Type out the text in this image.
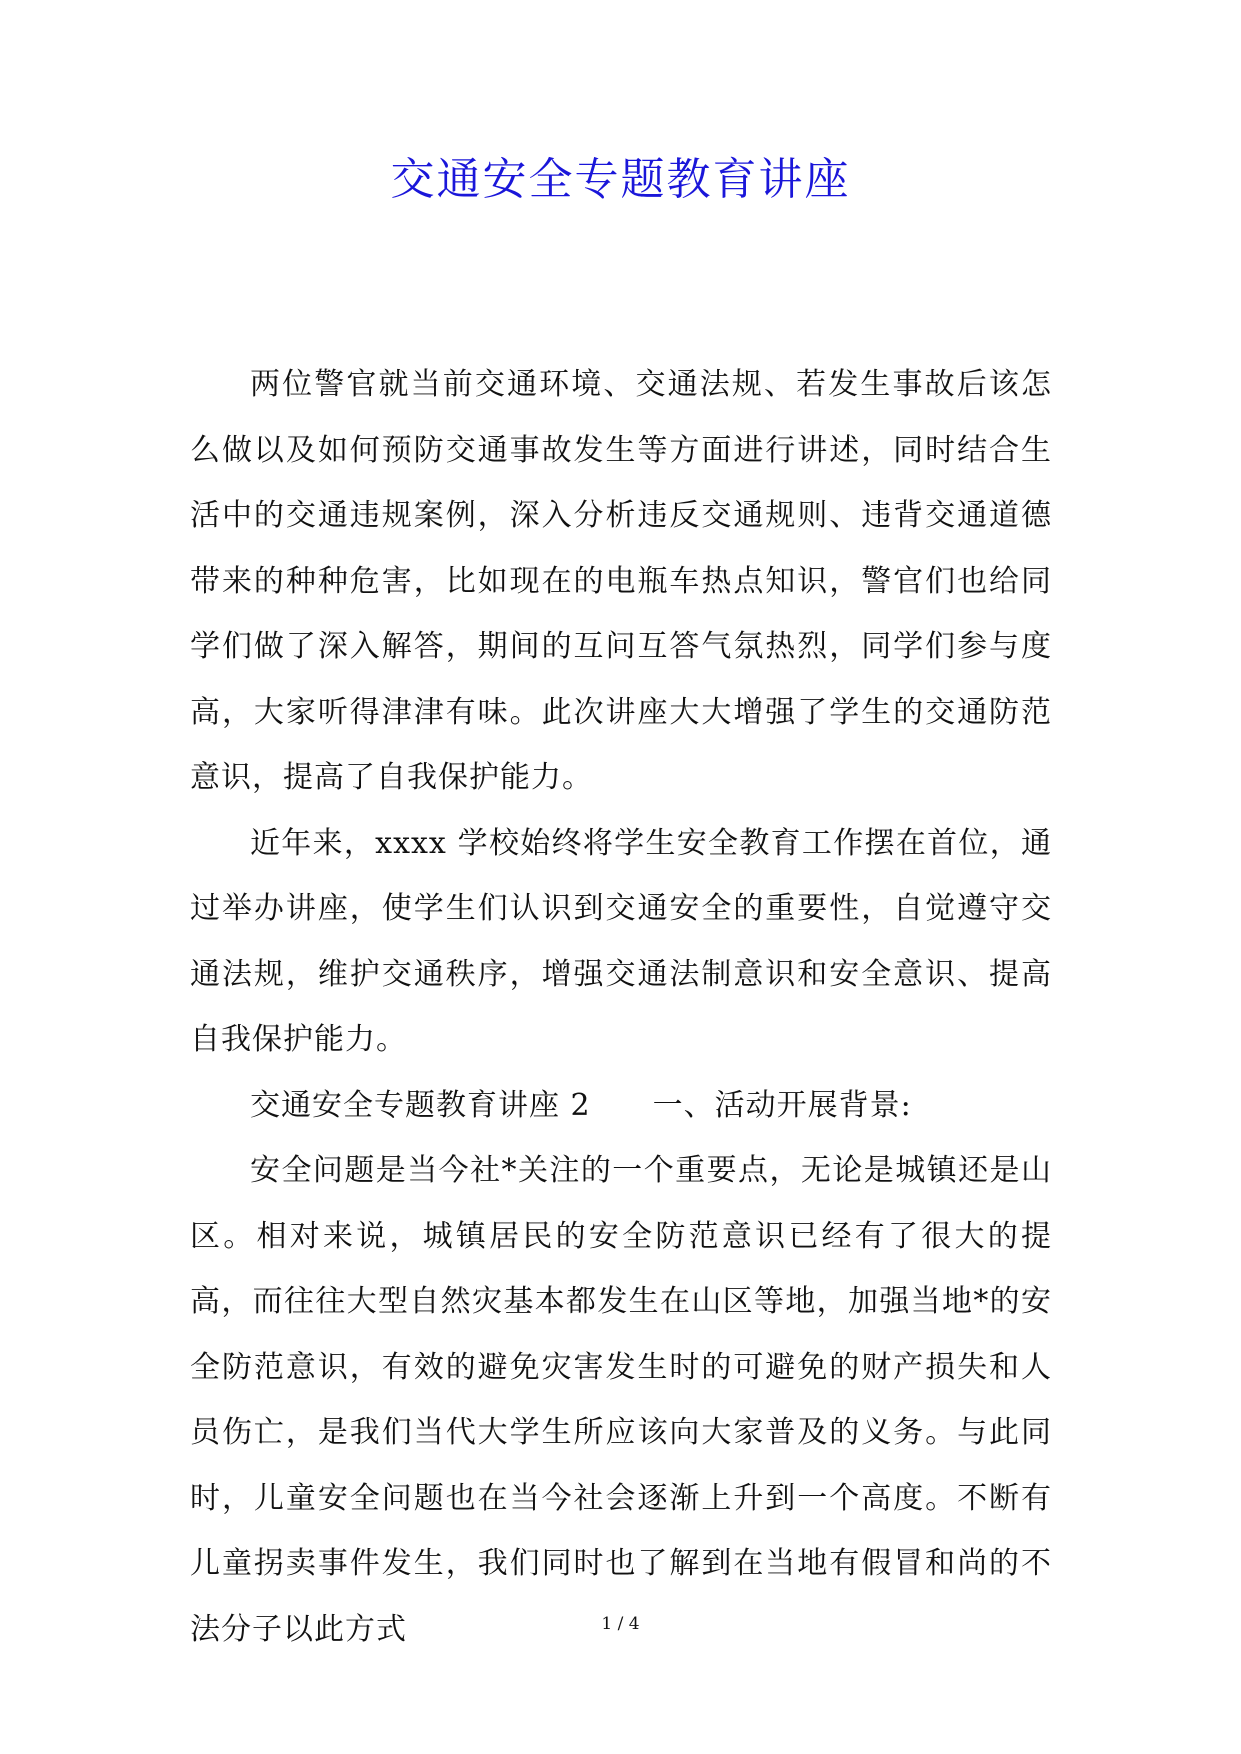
交通安全专题教育讲座

两位警官就当前交通环境、交通法规、若发生事故后该怎么做以及如何预防交通事故发生等方面进行讲述，同时结合生活中的交通违规案例，深入分析违反交通规则、违背交通道德带来的种种危害，比如现在的电瓶车热点知识，警官们也给同学们做了深入解答，期间的互问互答气氛热烈，同学们参与度高，大家听得津津有味。此次讲座大大增强了学生的交通防范意识，提高了自我保护能力。

近年来，xxxx 学校始终将学生安全教育工作摆在首位，通过举办讲座，使学生们认识到交通安全的重要性，自觉遵守交通法规，维护交通秩序，增强交通法制意识和安全意识、提高自我保护能力。

交通安全专题教育讲座 2　　一、活动开展背景:

安全问题是当今社*关注的一个重要点，无论是城镇还是山区。相对来说，城镇居民的安全防范意识已经有了很大的提高，而往往大型自然灾基本都发生在山区等地，加强当地*的安全防范意识，有效的避免灾害发生时的可避免的财产损失和人员伤亡，是我们当代大学生所应该向大家普及的义务。与此同时，儿童安全问题也在当今社会逐渐上升到一个高度。不断有儿童拐卖事件发生，我们同时也了解到在当地有假冒和尚的不法分子以此方式	1 / 4
